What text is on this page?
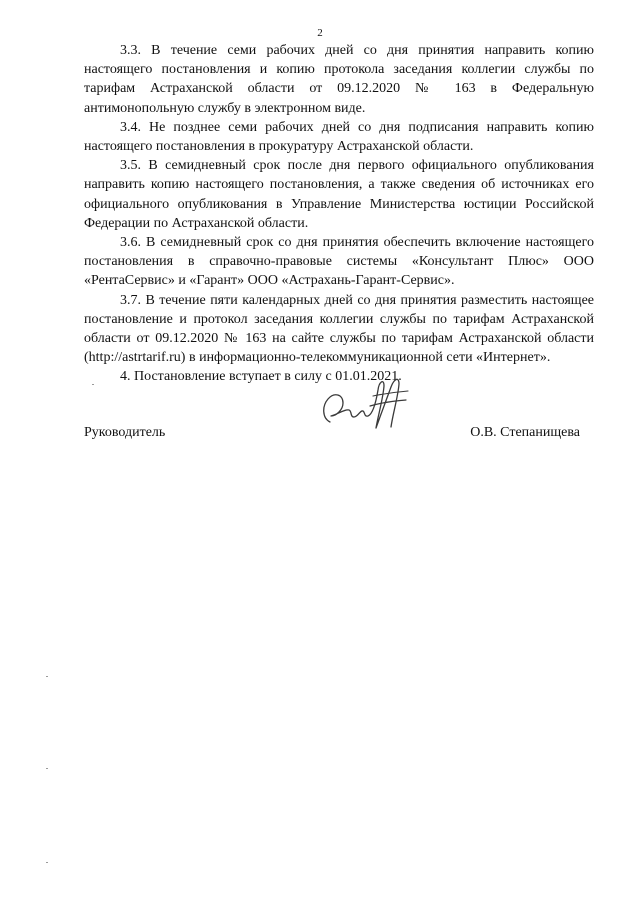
2

3.3. В течение семи рабочих дней со дня принятия направить копию настоящего постановления и копию протокола заседания коллегии службы по тарифам Астраханской области от 09.12.2020 № 163 в Федеральную антимонопольную службу в электронном виде.

3.4. Не позднее семи рабочих дней со дня подписания направить копию настоящего постановления в прокуратуру Астраханской области.

3.5. В семидневный срок после дня первого официального опубликования направить копию настоящего постановления, а также сведения об источниках его официального опубликования в Управление Министерства юстиции Российской Федерации по Астраханской области.

3.6. В семидневный срок со дня принятия обеспечить включение настоящего постановления в справочно-правовые системы «Консультант Плюс» ООО «РентаСервис» и «Гарант» ООО «Астрахань-Гарант-Сервис».

3.7. В течение пяти календарных дней со дня принятия разместить настоящее постановление и протокол заседания коллегии службы по тарифам Астраханской области от 09.12.2020 № 163 на сайте службы по тарифам Астраханской области (http://astrtarif.ru) в информационно-телекоммуникационной сети «Интернет».

4. Постановление вступает в силу с 01.01.2021.

Руководитель	О.В. Степанищева
